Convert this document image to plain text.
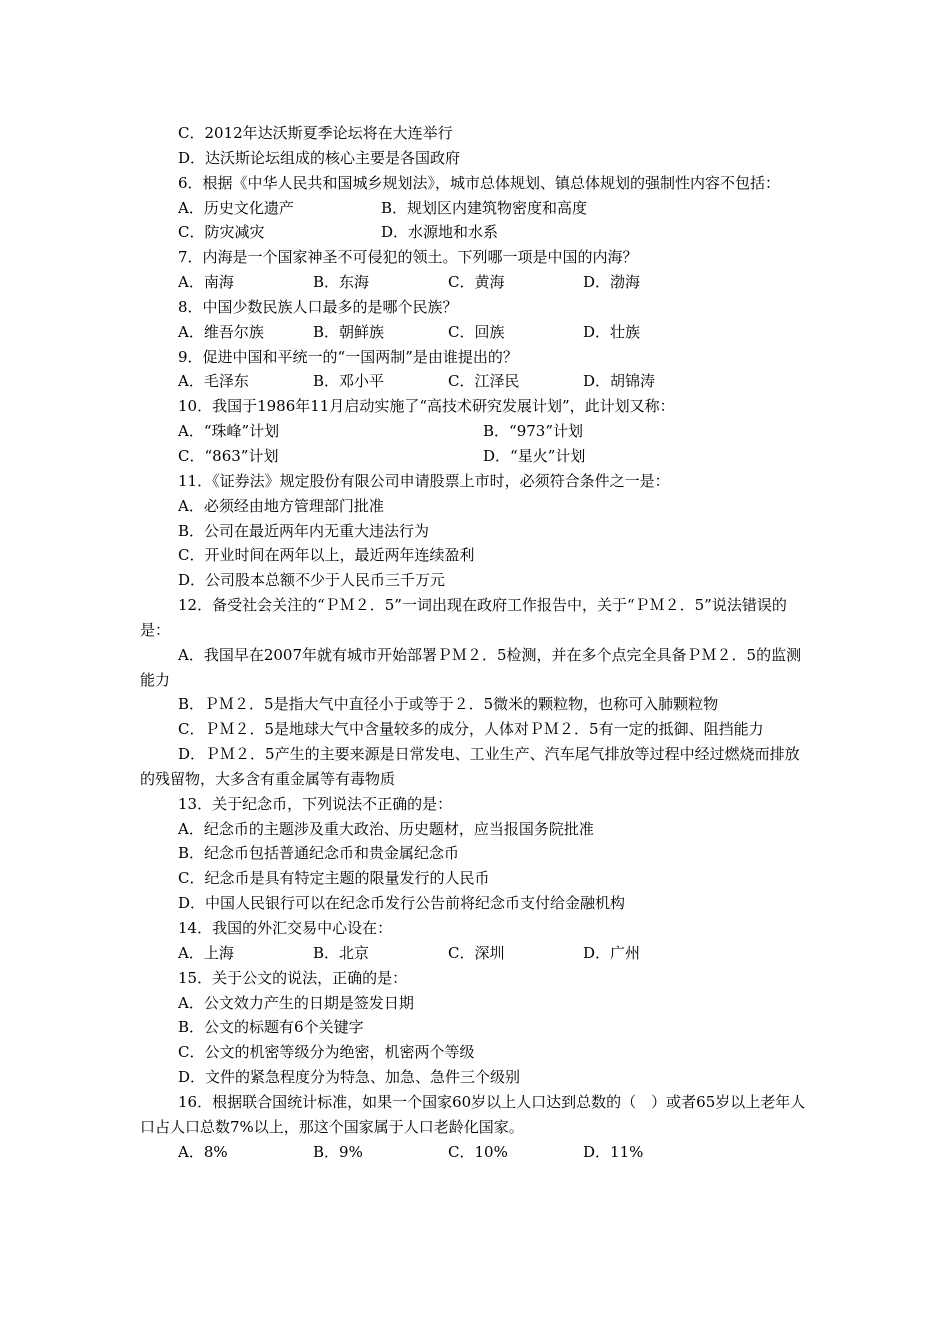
C．2012年达沃斯夏季论坛将在大连举行
D．达沃斯论坛组成的核心主要是各国政府
6．根据《中华人民共和国城乡规划法》，城市总体规划、镇总体规划的强制性内容不包括：
A．历史文化遗产	B．规划区内建筑物密度和高度
C．防灾减灾	D．水源地和水系
7．内海是一个国家神圣不可侵犯的领土。下列哪一项是中国的内海？
A．南海	B．东海	C．黄海	D．渤海
8．中国少数民族人口最多的是哪个民族？
A．维吾尔族	B．朝鲜族	C．回族	D．壮族
9．促进中国和平统一的“一国两制”是由谁提出的？
A．毛泽东	B．邓小平	C．江泽民	D．胡锦涛
10．我国于1986年11月启动实施了“高技术研究发展计划”，此计划又称：
A．“珠峰”计划	B．“973”计划
C．“863”计划	D．“星火”计划
11．《证券法》规定股份有限公司申请股票上市时，必须符合条件之一是：
A．必须经由地方管理部门批准
B．公司在最近两年内无重大违法行为
C．开业时间在两年以上，最近两年连续盈利
D．公司股本总额不少于人民币三千万元
12．备受社会关注的“ＰＭ２．5”一词出现在政府工作报告中，关于“ＰＭ２．5”说法错误的是：
A．我国早在2007年就有城市开始部署ＰＭ２．5检测，并在多个点完全具备ＰＭ２．5的监测能力
B．ＰＭ２．5是指大气中直径小于或等于２．5微米的颗粒物，也称可入肺颗粒物
C．ＰＭ２．5是地球大气中含量较多的成分，人体对ＰＭ２．5有一定的抵御、阻挡能力
D．ＰＭ２．5产生的主要来源是日常发电、工业生产、汽车尾气排放等过程中经过燃烧而排放的残留物，大多含有重金属等有毒物质
13．关于纪念币，下列说法不正确的是：
A．纪念币的主题涉及重大政治、历史题材，应当报国务院批准
B．纪念币包括普通纪念币和贵金属纪念币
C．纪念币是具有特定主题的限量发行的人民币
D．中国人民银行可以在纪念币发行公告前将纪念币支付给金融机构
14．我国的外汇交易中心设在：
A．上海	B．北京	C．深圳	D．广州
15．关于公文的说法，正确的是：
A．公文效力产生的日期是签发日期
B．公文的标题有6个关键字
C．公文的机密等级分为绝密，机密两个等级
D．文件的紧急程度分为特急、加急、急件三个级别
16．根据联合国统计标准，如果一个国家60岁以上人口达到总数的（　）或者65岁以上老年人口占人口总数7%以上，那这个国家属于人口老龄化国家。
A．8%	B．9%	C．10%	D．11%
